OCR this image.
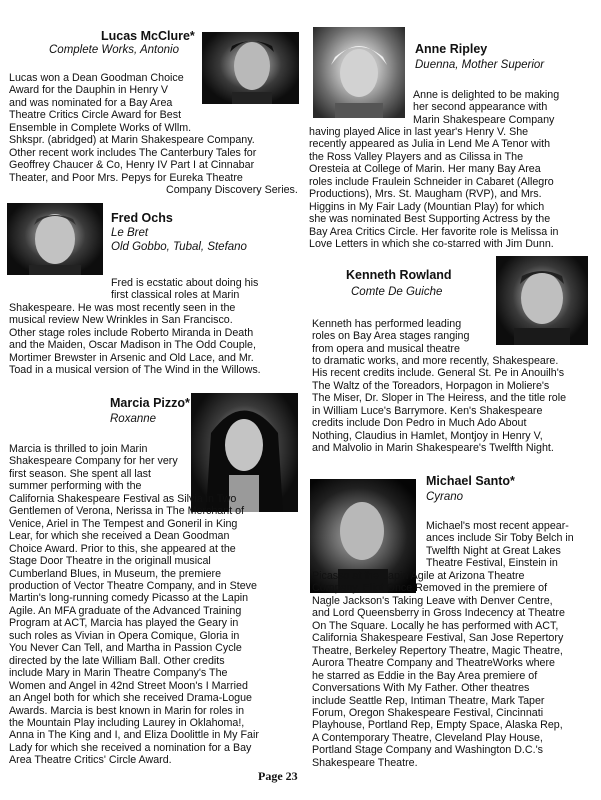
Lucas McClure*
Complete Works, Antonio
Lucas won a Dean Goodman Choice
Award for the Dauphin in Henry V
and was nominated for a Bay Area
Theatre Critics Circle Award for Best
Ensemble in Complete Works of Wllm.
Shkspr. (abridged) at Marin Shakespeare Company.
Other recent work includes The Canterbury Tales for
Geoffrey Chaucer & Co, Henry IV Part I at Cinnabar
Theater, and Poor Mrs. Pepys for Eureka Theatre
Company Discovery Series.
Fred Ochs
Le Bret
Old Gobbo, Tubal, Stefano
Fred is ecstatic about doing his
first classical roles at Marin
Shakespeare. He was most recently seen in the
musical review New Wrinkles in San Francisco.
Other stage roles include Roberto Miranda in Death
and the Maiden, Oscar Madison in The Odd Couple,
Mortimer Brewster in Arsenic and Old Lace, and Mr.
Toad in a musical version of The Wind in the Willows.
Marcia Pizzo*
Roxanne
Marcia is thrilled to join Marin
Shakespeare Company for her very
first season. She spent all last
summer performing with the
California Shakespeare Festival as Silvia in Two
Gentlemen of Verona, Nerissa in The Merchant of
Venice, Ariel in The Tempest and Goneril in King
Lear, for which she received a Dean Goodman
Choice Award. Prior to this, she appeared at the
Stage Door Theatre in the originall musical
Cumberland Blues, in Museum, the premiere
production of Vector Theatre Company, and in Steve
Martin's long-running comedy Picasso at the Lapin
Agile. An MFA graduate of the Advanced Training
Program at ACT, Marcia has played the Geary in
such roles as Vivian in Opera Comique, Gloria in
You Never Can Tell, and Martha in Passion Cycle
directed by the late William Ball. Other credits
include Mary in Marin Theatre Company's The
Women and Angel in 42nd Street Moon's I Married
an Angel both for which she received Drama-Logue
Awards. Marcia is best known in Marin for roles in
the Mountain Play including Laurey in Oklahoma!,
Anna in The King and I, and Eliza Doolittle in My Fair
Lady for which she received a nomination for a Bay
Area Theatre Critics' Circle Award.
Anne Ripley
Duenna, Mother Superior
Anne is delighted to be making
her second appearance with
Marin Shakespeare Company
having played Alice in last year's Henry V. She
recently appeared as Julia in Lend Me A Tenor with
the Ross Valley Players and as Cilissa in The
Oresteia at College of Marin. Her many Bay Area
roles include Fraulein Schneider in Cabaret (Allegro
Productions), Mrs. St. Maugham (RVP), and Mrs.
Higgins in My Fair Lady (Mountian Play) for which
she was nominated Best Supporting Actress by the
Bay Area Critics Circle. Her favorite role is Melissa in
Love Letters in which she co-starred with Jim Dunn.
Kenneth Rowland
Comte De Guiche
Kenneth has performed leading
roles on Bay Area stages ranging
from opera and musical theatre
to dramatic works, and more recently, Shakespeare.
His recent credits include. General St. Pe in Anouilh's
The Waltz of the Toreadors, Horpagon in Moliere's
The Miser, Dr. Sloper in The Heiress, and the title role
in William Luce's Barrymore. Ken's Shakespeare
credits include Don Pedro in Much Ado About
Nothing, Claudius in Hamlet, Montjoy in Henry V,
and Malvolio in Marin Shakespeare's Twelfth Night.
Michael Santo*
Cyrano
Michael's most recent appear-
ances include Sir Toby Belch in
Twelfth Night at Great Lakes
Theatre Festival, Einstein in
Picasso at the Lapin Agile at Arizona Theatre
Company, Eliot Once Removed in the premiere of
Nagle Jackson's Taking Leave with Denver Centre,
and Lord Queensberry in Gross Indecency at Theatre
On The Square. Locally he has performed with ACT,
California Shakespeare Festival, San Jose Repertory
Theatre, Berkeley Repertory Theatre, Magic Theatre,
Aurora Theatre Company and TheatreWorks where
he starred as Eddie in the Bay Area premiere of
Conversations With My Father. Other theatres
include Seattle Rep, Intiman Theatre, Mark Taper
Forum, Oregon Shakespeare Festival, Cincinnati
Playhouse, Portland Rep, Empty Space, Alaska Rep,
A Contemporary Theatre, Cleveland Play House,
Portland Stage Company and Washington D.C.'s
Shakespeare Theatre.
Page 23
